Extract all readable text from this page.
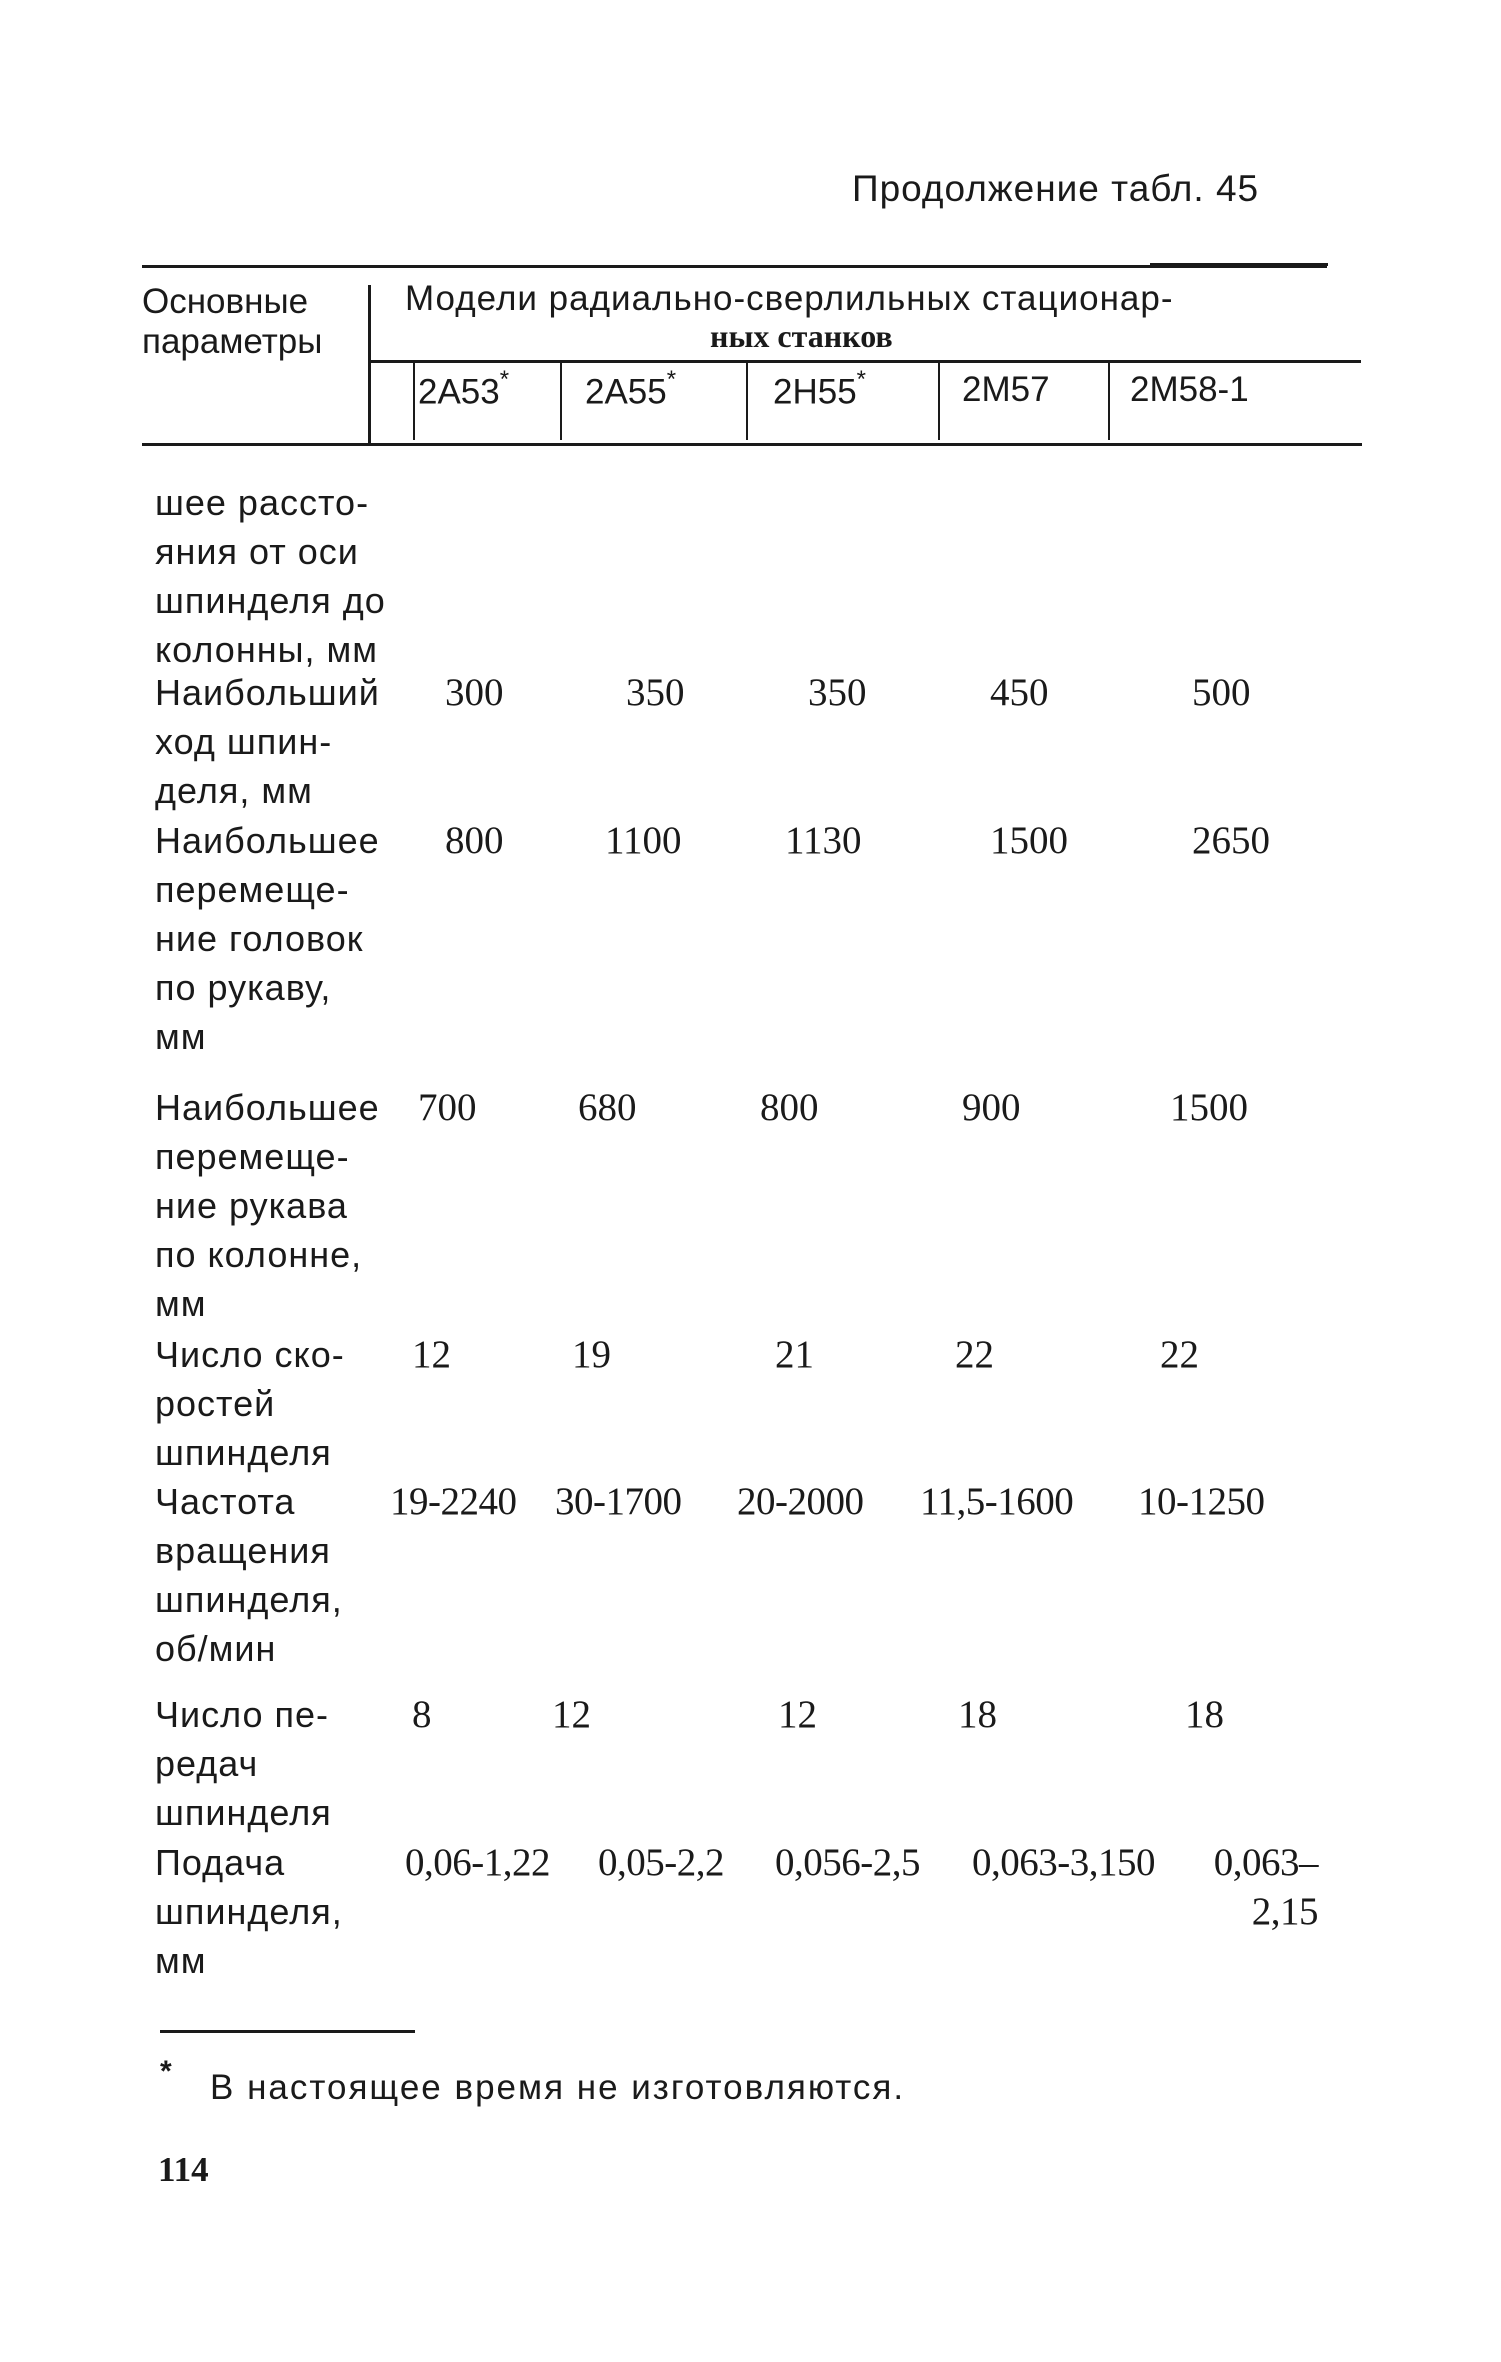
Продолжение табл. 45
Основные параметры
Модели радиально-сверлильных стационар-
ных станков
2А53* 2А55*	2Н55*	2М57 2М58-1
шее рассто-
яния от оси
шпинделя до
колонны, мм
Наибольший
ход шпин-
деля, мм
300	350	350	450	500
Наибольшее
перемеще-
ние головок
по рукаву,
мм
800	1100	1130	1500	2650
Наибольшее
перемеще-
ние рукава
по колонне,
мм
700	680	800	900	1500
Число ско-
ростей
шпинделя
12	19	21	22	22
Частота
вращения
шпинделя,
об/мин
19-2240 30-1700 20-2000 11,5-1600 10-1250
Число пе-
редач
шпинделя
8	12	12	18	18
Подача
шпинделя,
мм
0,06-1,22 0,05-2,2 0,056-2,5 0,063-3,150	0,063–
2,15
* В настоящее время не изготовляются.
114
